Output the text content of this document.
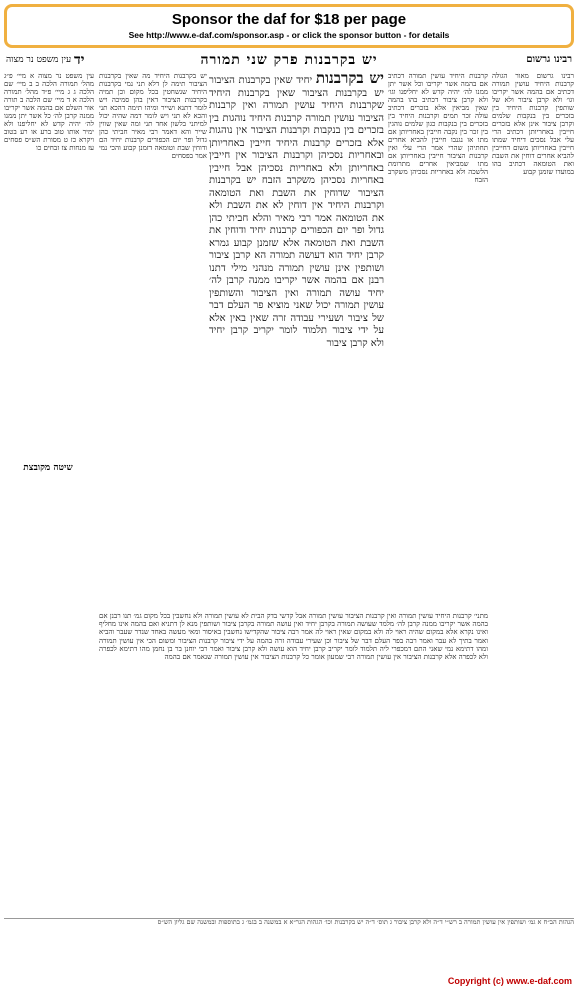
Sponsor the daf for $18 per page
See http://www.e-daf.com/sponsor.asp - or click the sponsor button - for details
רבינו גרשום
יש בקרבנות פרק שני תמורה
יד
עין משפט נר מצוה
רבינו גרשום מאור הגולה קרבנות היחיד עושין תמורה דכתיב אם בהמה אשר יקריבו וגו׳ ולא קרבן ציבור ולא של שותפין קרבנות היחיד בין בזכרים בין בנקבות שלמים וקרבן ציבור אינן אלא בזכרים חייבין באחריותן דכתיב הרי עלי אבל נסכים דיחיד שמתו חייבין באחריותן משום דחייבין להביא אחרים דוחין את השבת ואת הטומאה דכתיב בהו במועדו שזמנן קבוע
עין משפט נר מצוה א מיי׳ פ״ג מהל׳ תמורה הלכה ב ב מיי׳ שם הלכה ג ג מיי׳ פ״ד מהל׳ תמורה הלכה א ד מיי׳ שם הלכה ב תורה אור השלם אם בהמה אשר יקריבו ממנה קרבן לה׳ כל אשר יתן ממנו לה׳ יהיה קדש לא יחליפנו ולא ימיר אותו טוב ברע או רע בטוב ויקרא כז ט מסורת הש״ס פסחים עז מנחות צז זבחים כו
קרבנות היחיד עושין תמורה דכתיב אם בהמה אשר יקריבו וכל אשר יתן ממנו לה׳ יהיה קדש לא יחליפנו וגו׳ ולא קרבן ציבור דכתיב בהו בהמה שאין מביאין אלא בזכרים דכתיב עולה זכר תמים וקרבנות היחיד בין בזכרים בין בנקבות כגון שלמים נוהגין בין זכר בין נקבה חייבין באחריותן אם מתו או נגנבו חייבין להביא אחרים תחתיהן שהרי אמר הרי עלי ואין קרבנות הציבור חייבין באחריותן אם מתו שמביאין אחרים מתרומת הלשכה ולא באחריות נסכיהן משקרב הזבח
יש בקרבנות היחיד מה שאין בקרבנות הציבור תימה לן דלא תני נמי בקרבנות היחיד שנשחטין בכל מקום וכן תמיה בקרבנות הציבור דאין בהן סמיכה ויש לומר דתנא ושייר ומיהו תימה דהכא תני והכא לא תני ויש לומר דמה שהיה יכול למיתני בלשון אחד תני ומה שאין שווין שייר והא דאמר רבי מאיר חביתי כהן גדול ופר יום הכפורים קרבנות יחיד הם ודוחין שבת וטומאה דזמנן קבוע והכי נמי אמר בפסחים
יש בקרבנות יחיד שאין בקרבנות הציבור יש בקרבנות הציבור שאין בקרבנות היחיד שקרבנות היחיד עושין תמורה ואין קרבנות הציבור עושין תמורה קרבנות היחיד נוהגות בין בזכרים בין בנקבות וקרבנות הציבור אין נוהגות אלא בזכרים קרבנות היחיד חייבין באחריותן ובאחריות נסכיהן וקרבנות הציבור אין חייבין באחריותן ולא באחריות נסכיהן אבל חייבין באחריות נסכיהן משקרב הזבח יש בקרבנות הציבור שדוחין את השבת ואת הטומאה וקרבנות היחיד אין דוחין לא את השבת ולא את הטומאה אמר רבי מאיר והלא חביתי כהן גדול ופר יום הכפורים קרבנות יחיד ודוחין את השבת ואת הטומאה אלא שזמנן קבוע גמרא קרבן יחיד הוא דעושה תמורה הא קרבן ציבור ושותפין אינן עושין תמורה מנהני מילי דתנו רבנן אם בהמה אשר יקריבו ממנה קרבן לה׳ יחיד עושה תמורה ואין הציבור והשותפין עושין תמורה יכול שאני מוציא פר העלם דבר של ציבור ושעירי עבודה זרה שאין באין אלא על ידי ציבור תלמוד לומר יקריב קרבן יחיד ולא קרבן ציבור
מתני׳ קרבנות היחיד עושין תמורה ואין קרבנות הציבור עושין תמורה אבל קדשי בדק הבית לא עושין תמורה ולא נחשבין בכל מקום גמ׳ תנו רבנן אם בהמה אשר יקריבו ממנה קרבן לה׳ מלמד שעושה תמורה בקרבן יחיד ואין עושה תמורה בקרבן ציבור ושותפין מנא לן דתניא ואם בהמה אינו מחליף ואינו נקרא אלא במקום שהיה ראוי לה ולא במקום שאין ראוי לה אמר רבה ציבור שהקדישו נחשבין באיסור ומאי מעשה באחד שנדר שעבר והביא ואמר בתיך לא עבר ואמר רבה בפר העלם דבר של ציבור וכן שעירי עבודה זרה בהמה על ידי ציבור קרבנות הציבור ומשום הכי אין עושין תמורה ומהו דתימא נמי שאני התם דמכפרי ליה תלמוד לומר יקריב קרבן יחיד הוא עושה ולא קרבן ציבור ואמר רבי יוחנן בר בן נחמן מהו דתימא לכפרה ולא לכפרה אלא קרבנות הציבור אין עושין תמורה רבי שמעון אומר כל קרבנות הציבור אין עושין תמורה שנאמר אם בהמה
שיטה מקובצת
הגהות הב״ח א גמ׳ ושותפין אין עושין תמורה ב רש״י ד״ה ולא קרבן ציבור ג תוס׳ ד״ה יש בקרבנות וכו׳ הגהות הגר״א א במשנה ב בגמ׳ ג בתוספות ובמשנה שם גליון הש״ס
Copyright (c) www.e-daf.com
